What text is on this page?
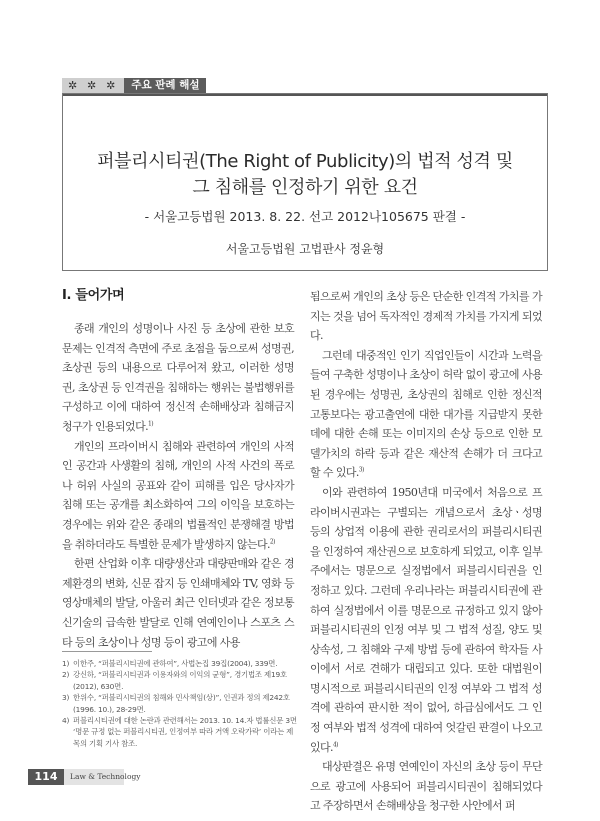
✲ ✲ ✲	주요 판례 해설
퍼블리시티권(The Right of Publicity)의 법적 성격 및
그 침해를 인정하기 위한 요건
- 서울고등법원 2013. 8. 22. 선고 2012나105675 판결 -
서울고등법원 고법판사 정윤형
Ⅰ. 들어가며

종래 개인의 성명이나 사진 등 초상에 관한 보호문제는 인격적 측면에 주로 초점을 둠으로써 성명권, 초상권 등의 내용으로 다루어져 왔고, 이러한 성명권, 초상권 등 인격권을 침해하는 행위는 불법행위를 구성하고 이에 대하여 정신적 손해배상과 침해금지청구가 인용되었다.$^{1)}$

개인의 프라이버시 침해와 관련하여 개인의 사적인 공간과 사생활의 침해, 개인의 사적 사건의 폭로나 허위 사실의 공표와 같이 피해를 입은 당사자가 침해 또는 공개를 최소화하여 그의 이익을 보호하는 경우에는 위와 같은 종래의 법률적인 분쟁해결 방법을 취하더라도 특별한 문제가 발생하지 않는다.$^{2)}$

한편 산업화 이후 대량생산과 대량판매와 같은 경제환경의 변화, 신문 잡지 등 인쇄매체와 TV, 영화 등 영상매체의 발달, 아울러 최근 인터넷과 같은 정보통신기술의 급속한 발달로 인해 연예인이나 스포츠 스타 등의 초상이나 성명 등이 광고에 사용

됨으로써 개인의 초상 등은 단순한 인격적 가치를 가지는 것을 넘어 독자적인 경제적 가치를 가지게 되었다.

그런데 대중적인 인기 직업인들이 시간과 노력을 들여 구축한 성명이나 초상이 허락 없이 광고에 사용된 경우에는 성명권, 초상권의 침해로 인한 정신적 고통보다는 광고출연에 대한 대가를 지급받지 못한 데에 대한 손해 또는 이미지의 손상 등으로 인한 모델가치의 하락 등과 같은 재산적 손해가 더 크다고 할 수 있다.$^{3)}$

이와 관련하여 1950년대 미국에서 처음으로 프라이버시권과는 구별되는 개념으로서 초상ㆍ성명 등의 상업적 이용에 관한 권리로서의 퍼블리시티권을 인정하여 재산권으로 보호하게 되었고, 이후 일부 주에서는 명문으로 실정법에서 퍼블리시티권을 인정하고 있다. 그런데 우리나라는 퍼블리시티권에 관하여 실정법에서 이를 명문으로 규정하고 있지 않아 퍼블리시티권의 인정 여부 및 그 법적 성질, 양도 및 상속성, 그 침해와 구제 방법 등에 관하여 학자들 사이에서 서로 견해가 대립되고 있다. 또한 대법원이 명시적으로 퍼블리시티권의 인정 여부와 그 법적 성격에 관하여 판시한 적이 없어, 하급심에서도 그 인정 여부와 법적 성격에 대하여 엇갈린 판결이 나오고 있다.$^{4)}$

대상판결은 유명 연예인이 자신의 초상 등이 무단으로 광고에 사용되어 퍼블리시티권이 침해되었다고 주장하면서 손해배상을 청구한 사안에서 퍼

1) 이한주, “퍼블리시티권에 관하여”, 사법논집 39집(2004), 339면.
2) 강신하, “퍼블리시티권과 이용자와의 이익의 균형”, 경기법조 제19호(2012), 630면.
3) 한위수, “퍼블리시티권의 침해와 민사책임(상)”, 인권과 정의 제242호(1996. 10.), 28-29면.
4) 퍼블리시티권에 대한 논란과 관련해서는 2013. 10. 14.자 법률신문 3면 ‘명문 규정 없는 퍼블리시티권, 인정여부 따라 거액 오락가락’ 이라는 제목의 기획 기사 참조.
114	Law & Technology
